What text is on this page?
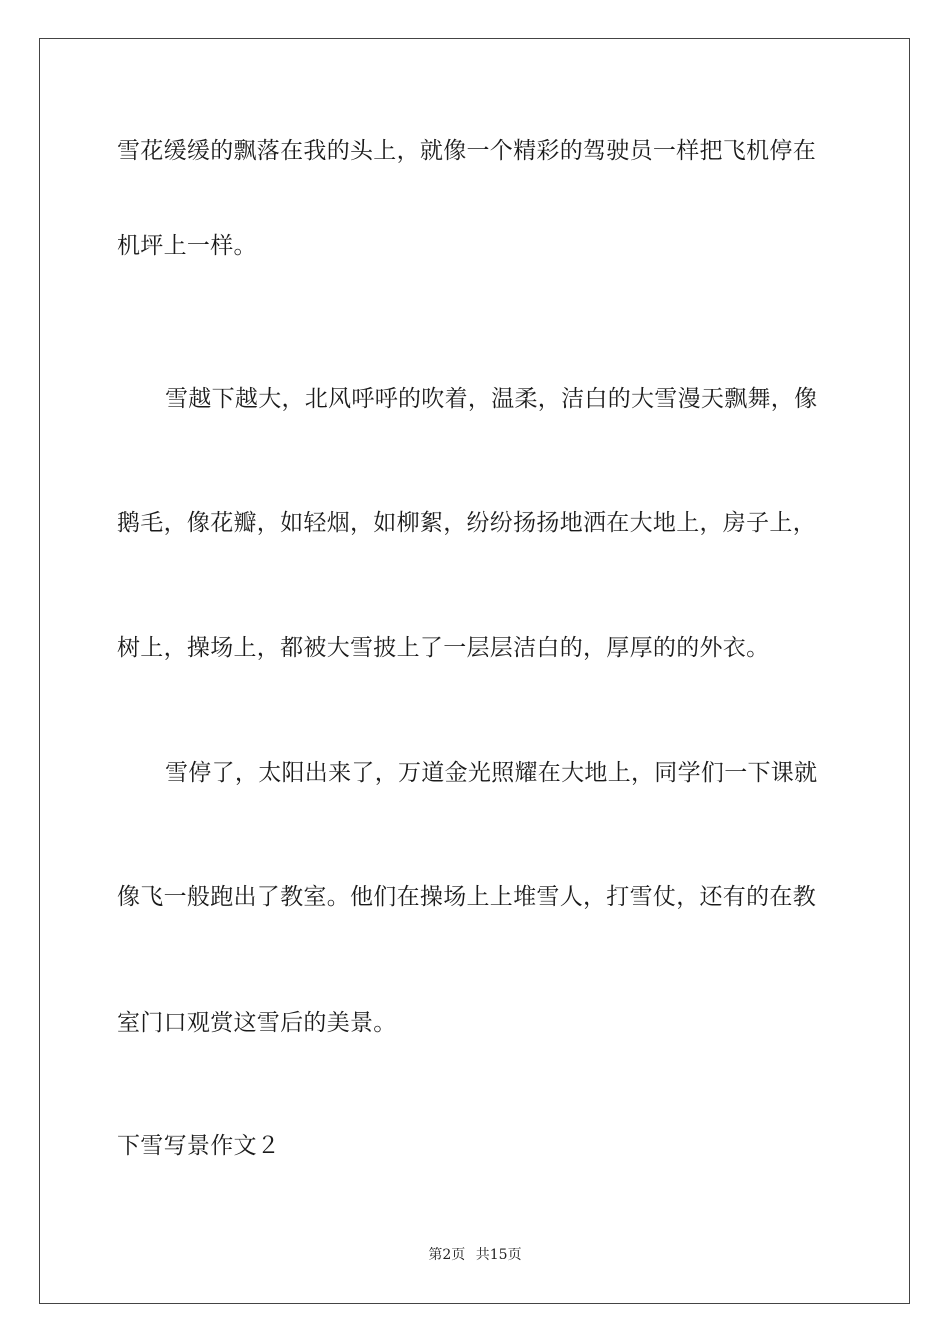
雪花缓缓的飘落在我的头上，就像一个精彩的驾驶员一样把飞机停在
机坪上一样。
雪越下越大，北风呼呼的吹着，温柔，洁白的大雪漫天飘舞，像
鹅毛，像花瓣，如轻烟，如柳絮，纷纷扬扬地洒在大地上，房子上，
树上，操场上，都被大雪披上了一层层洁白的，厚厚的的外衣。
雪停了，太阳出来了，万道金光照耀在大地上，同学们一下课就
像飞一般跑出了教室。他们在操场上上堆雪人，打雪仗，还有的在教
室门口观赏这雪后的美景。
下雪写景作文２
第2页 共15页
